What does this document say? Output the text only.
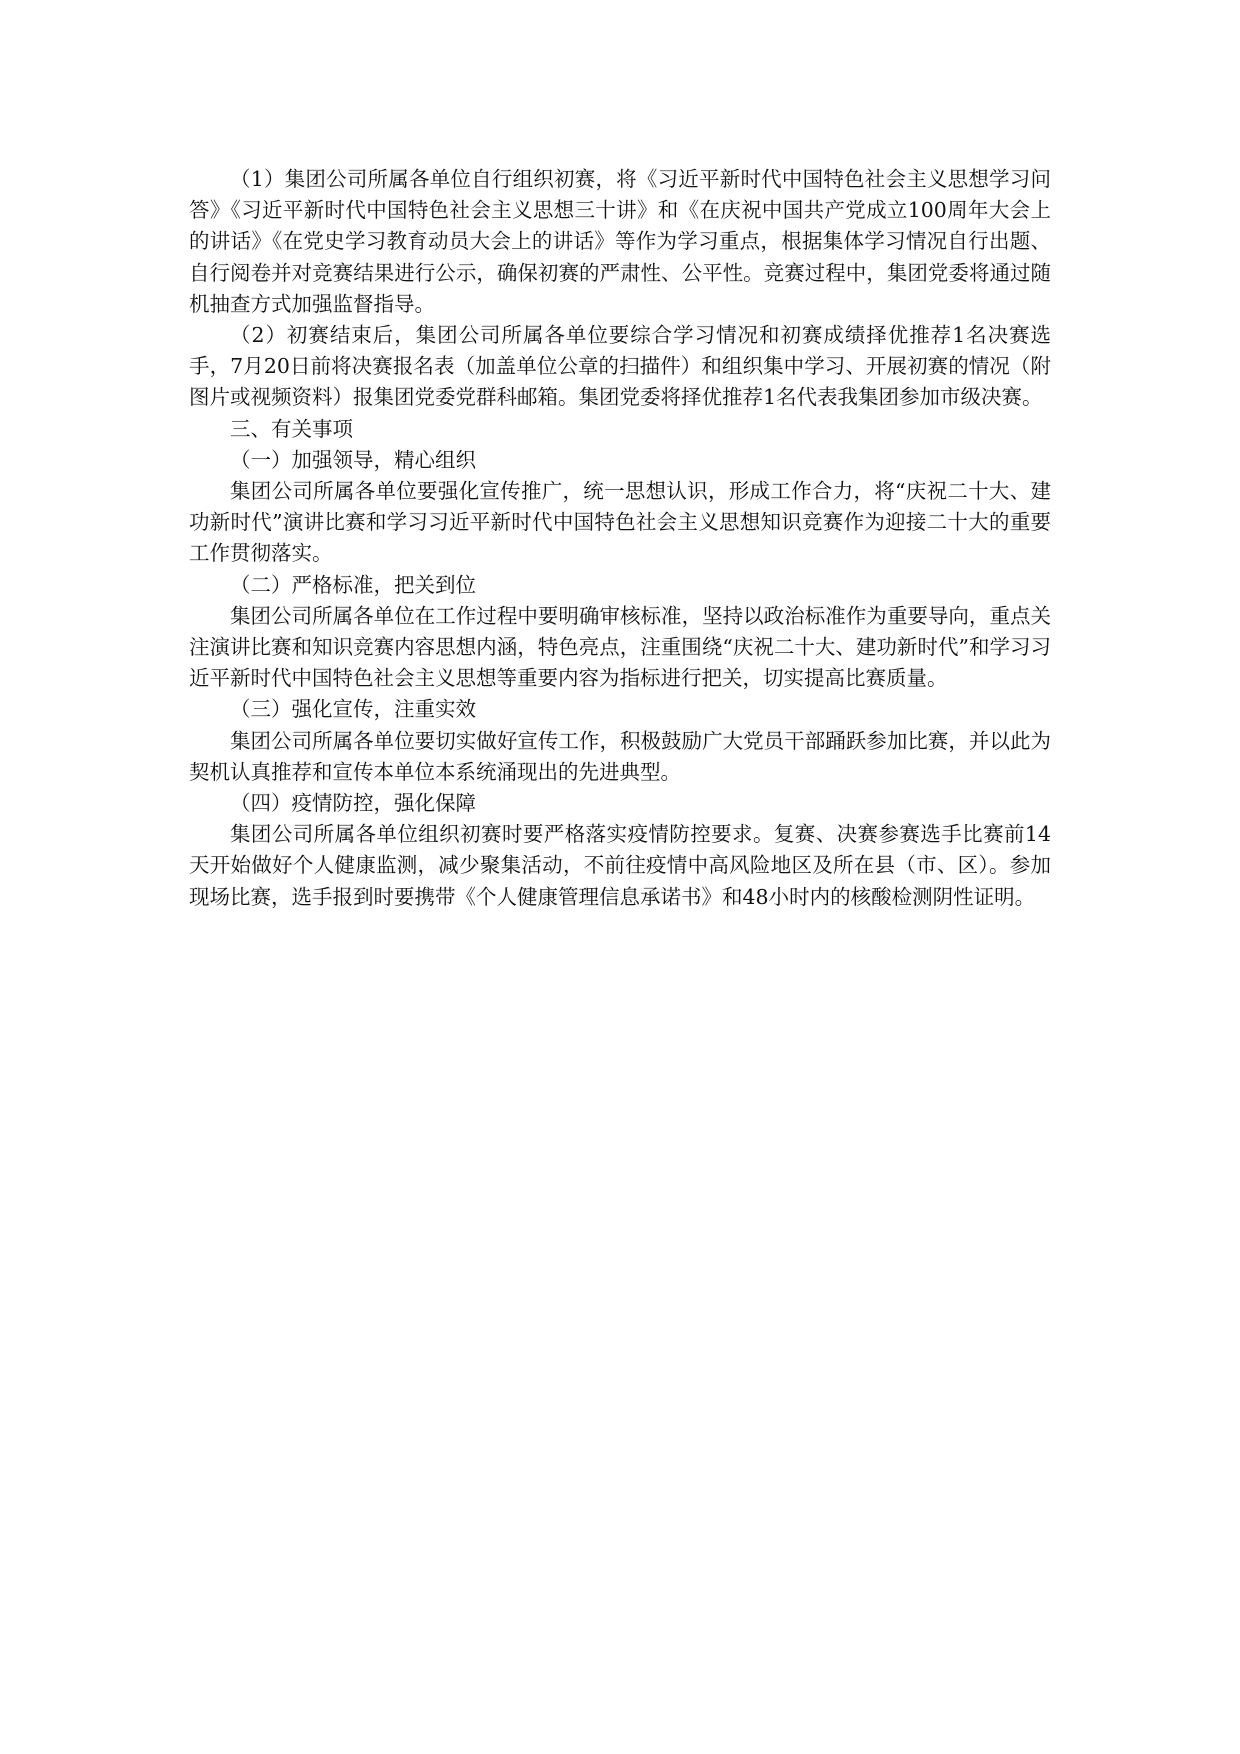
（1）集团公司所属各单位自行组织初赛，将《习近平新时代中国特色社会主义思想学习问答》《习近平新时代中国特色社会主义思想三十讲》和《在庆祝中国共产党成立100周年大会上的讲话》《在党史学习教育动员大会上的讲话》等作为学习重点，根据集体学习情况自行出题、自行阅卷并对竞赛结果进行公示，确保初赛的严肃性、公平性。竞赛过程中，集团党委将通过随机抽查方式加强监督指导。

（2）初赛结束后，集团公司所属各单位要综合学习情况和初赛成绩择优推荐1名决赛选手，7月20日前将决赛报名表（加盖单位公章的扫描件）和组织集中学习、开展初赛的情况（附图片或视频资料）报集团党委党群科邮箱。集团党委将择优推荐1名代表我集团参加市级决赛。

三、有关事项

（一）加强领导，精心组织

集团公司所属各单位要强化宣传推广，统一思想认识，形成工作合力，将“庆祝二十大、建功新时代”演讲比赛和学习习近平新时代中国特色社会主义思想知识竞赛作为迎接二十大的重要工作贯彻落实。

（二）严格标准，把关到位

集团公司所属各单位在工作过程中要明确审核标准，坚持以政治标准作为重要导向，重点关注演讲比赛和知识竞赛内容思想内涵，特色亮点，注重围绕“庆祝二十大、建功新时代”和学习习近平新时代中国特色社会主义思想等重要内容为指标进行把关，切实提高比赛质量。

（三）强化宣传，注重实效

集团公司所属各单位要切实做好宣传工作，积极鼓励广大党员干部踊跃参加比赛，并以此为契机认真推荐和宣传本单位本系统涌现出的先进典型。

（四）疫情防控，强化保障

集团公司所属各单位组织初赛时要严格落实疫情防控要求。复赛、决赛参赛选手比赛前14天开始做好个人健康监测，减少聚集活动，不前往疫情中高风险地区及所在县（市、区）。参加现场比赛，选手报到时要携带《个人健康管理信息承诺书》和48小时内的核酸检测阴性证明。
